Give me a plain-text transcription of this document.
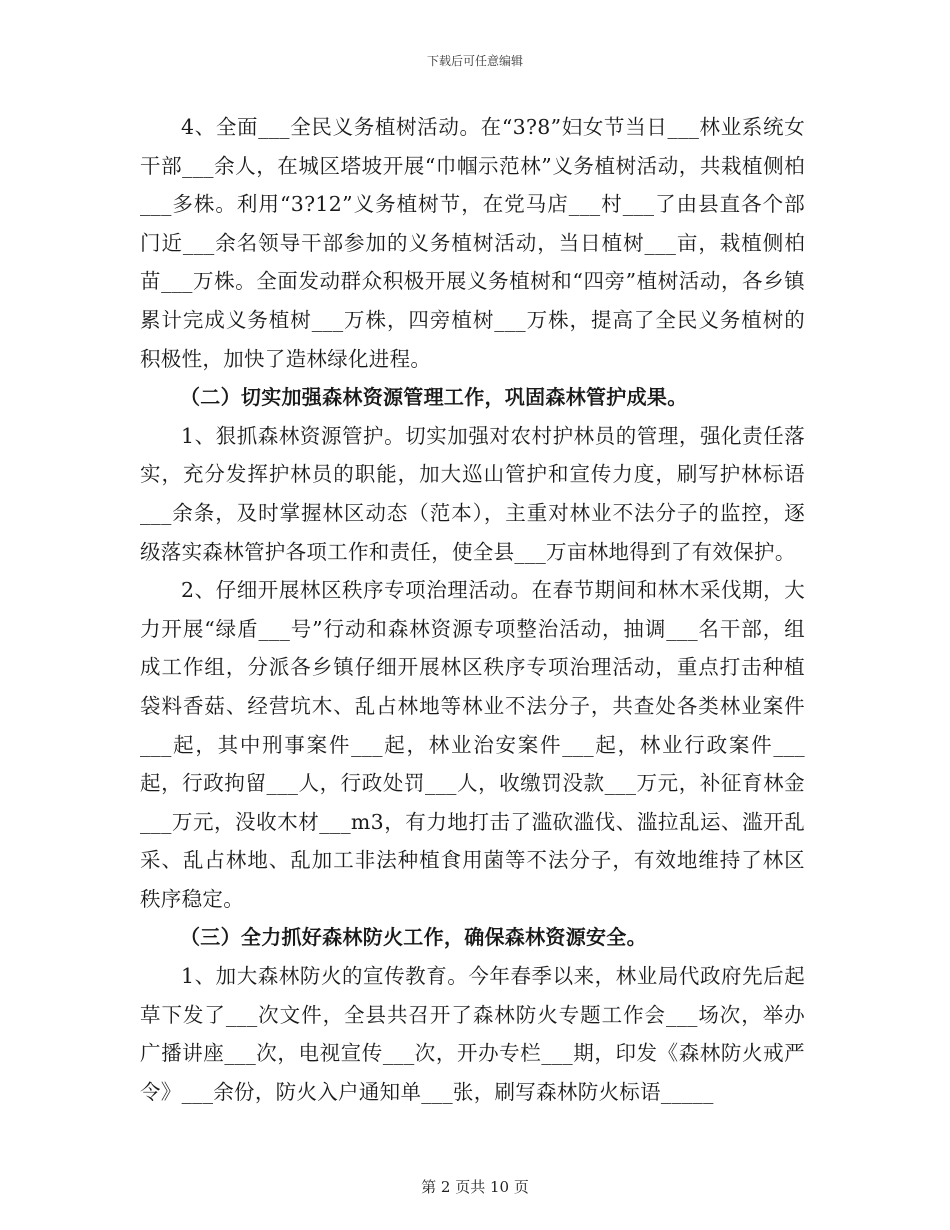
下载后可任意编辑

4、全面___全民义务植树活动。在“3?8”妇女节当日___林业系统女干部___余人，在城区塔坡开展“巾帼示范林”义务植树活动，共栽植侧柏___多株。利用“3?12”义务植树节，在党马店___村___了由县直各个部门近___余名领导干部参加的义务植树活动，当日植树___亩，栽植侧柏苗___万株。全面发动群众积极开展义务植树和“四旁”植树活动，各乡镇累计完成义务植树___万株，四旁植树___万株，提高了全民义务植树的积极性，加快了造林绿化进程。

（二）切实加强森林资源管理工作，巩固森林管护成果。

1、狠抓森林资源管护。切实加强对农村护林员的管理，强化责任落实，充分发挥护林员的职能，加大巡山管护和宣传力度，刷写护林标语___余条，及时掌握林区动态（范本），主重对林业不法分子的监控，逐级落实森林管护各项工作和责任，使全县___万亩林地得到了有效保护。

2、仔细开展林区秩序专项治理活动。在春节期间和林木采伐期，大力开展“绿盾___号”行动和森林资源专项整治活动，抽调___名干部，组成工作组，分派各乡镇仔细开展林区秩序专项治理活动，重点打击种植袋料香菇、经营坑木、乱占林地等林业不法分子，共查处各类林业案件___起，其中刑事案件___起，林业治安案件___起，林业行政案件___起，行政拘留___人，行政处罚___人，收缴罚没款___万元，补征育林金___万元，没收木材___m3，有力地打击了滥砍滥伐、滥拉乱运、滥开乱采、乱占林地、乱加工非法种植食用菌等不法分子，有效地维持了林区秩序稳定。

（三）全力抓好森林防火工作，确保森林资源安全。

1、加大森林防火的宣传教育。今年春季以来，林业局代政府先后起草下发了___次文件，全县共召开了森林防火专题工作会___场次，举办广播讲座___次，电视宣传___次，开办专栏___期，印发《森林防火戒严令》___余份，防火入户通知单___张，刷写森林防火标语_____

第 2 页共 10 页
